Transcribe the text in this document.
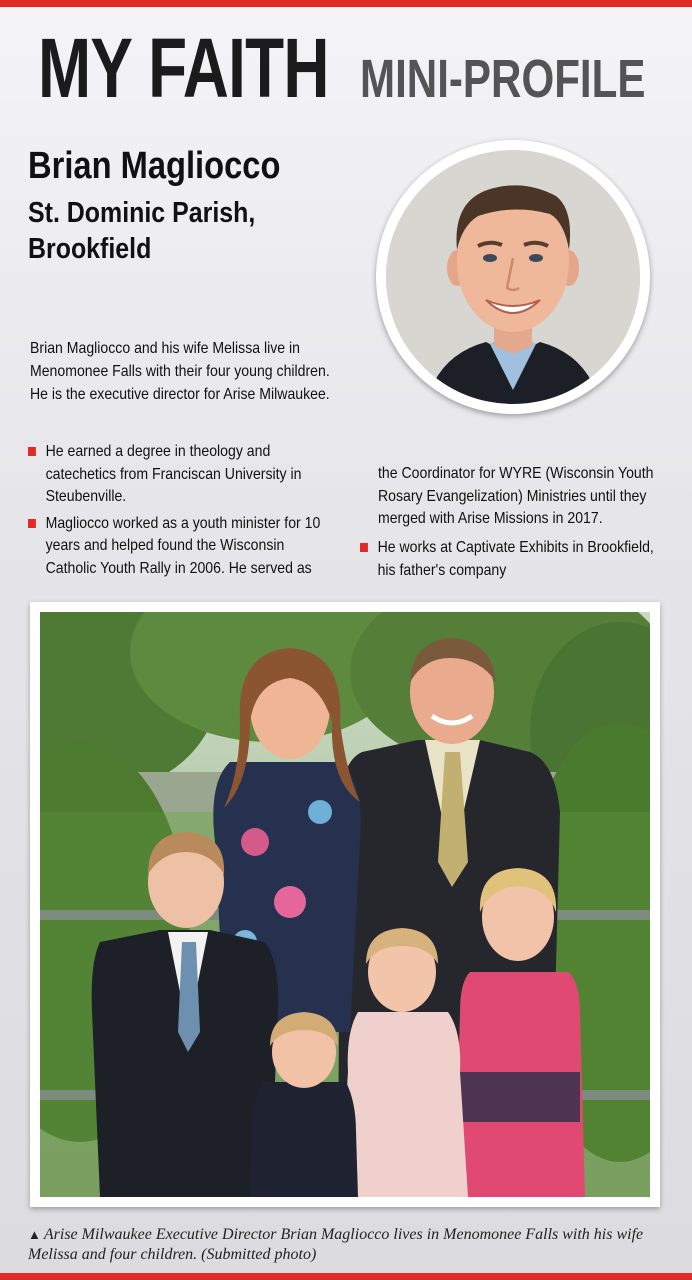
MY FAITH MINI-PROFILE
Brian Magliocco
St. Dominic Parish,
Brookfield
Brian Magliocco and his wife Melissa live in Menomonee Falls with their four young children. He is the executive director for Arise Milwaukee.
He earned a degree in theology and catechetics from Franciscan University in Steubenville.
Magliocco worked as a youth minister for 10 years and helped found the Wisconsin Catholic Youth Rally in 2006. He served as
the Coordinator for WYRE (Wisconsin Youth Rosary Evangelization) Ministries until they merged with Arise Missions in 2017.
He works at Captivate Exhibits in Brookfield, his father's company
▲ Arise Milwaukee Executive Director Brian Magliocco lives in Menomonee Falls with his wife Melissa and four children. (Submitted photo)
